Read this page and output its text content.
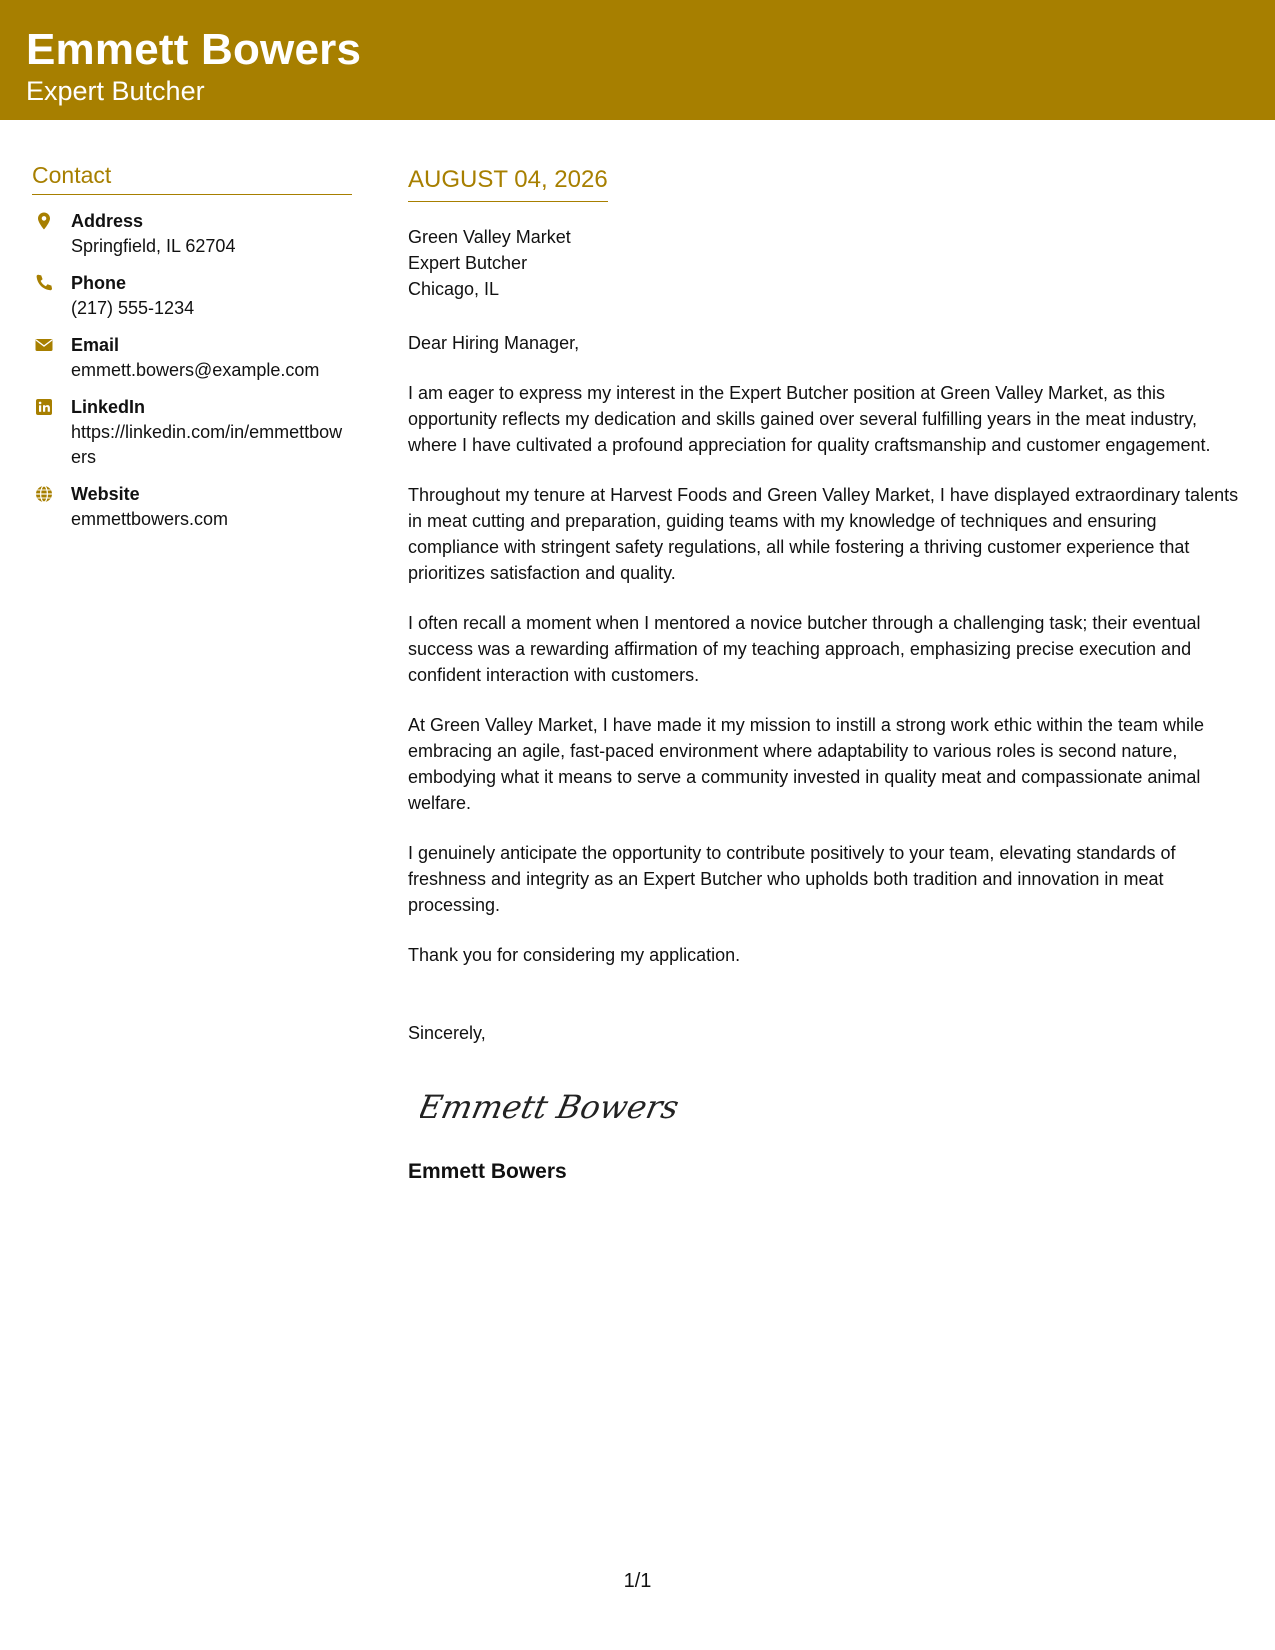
Emmett Bowers
Expert Butcher
Contact
Address
Springfield, IL 62704
Phone
(217) 555-1234
Email
emmett.bowers@example.com
LinkedIn
https://linkedin.com/in/emmettbowers
Website
emmettbowers.com
AUGUST 04, 2026
Green Valley Market
Expert Butcher
Chicago, IL
Dear Hiring Manager,
I am eager to express my interest in the Expert Butcher position at Green Valley Market, as this opportunity reflects my dedication and skills gained over several fulfilling years in the meat industry, where I have cultivated a profound appreciation for quality craftsmanship and customer engagement.
Throughout my tenure at Harvest Foods and Green Valley Market, I have displayed extraordinary talents in meat cutting and preparation, guiding teams with my knowledge of techniques and ensuring compliance with stringent safety regulations, all while fostering a thriving customer experience that prioritizes satisfaction and quality.
I often recall a moment when I mentored a novice butcher through a challenging task; their eventual success was a rewarding affirmation of my teaching approach, emphasizing precise execution and confident interaction with customers.
At Green Valley Market, I have made it my mission to instill a strong work ethic within the team while embracing an agile, fast-paced environment where adaptability to various roles is second nature, embodying what it means to serve a community invested in quality meat and compassionate animal welfare.
I genuinely anticipate the opportunity to contribute positively to your team, elevating standards of freshness and integrity as an Expert Butcher who upholds both tradition and innovation in meat processing.
Thank you for considering my application.
Sincerely,
Emmett Bowers
Emmett Bowers
1/1
